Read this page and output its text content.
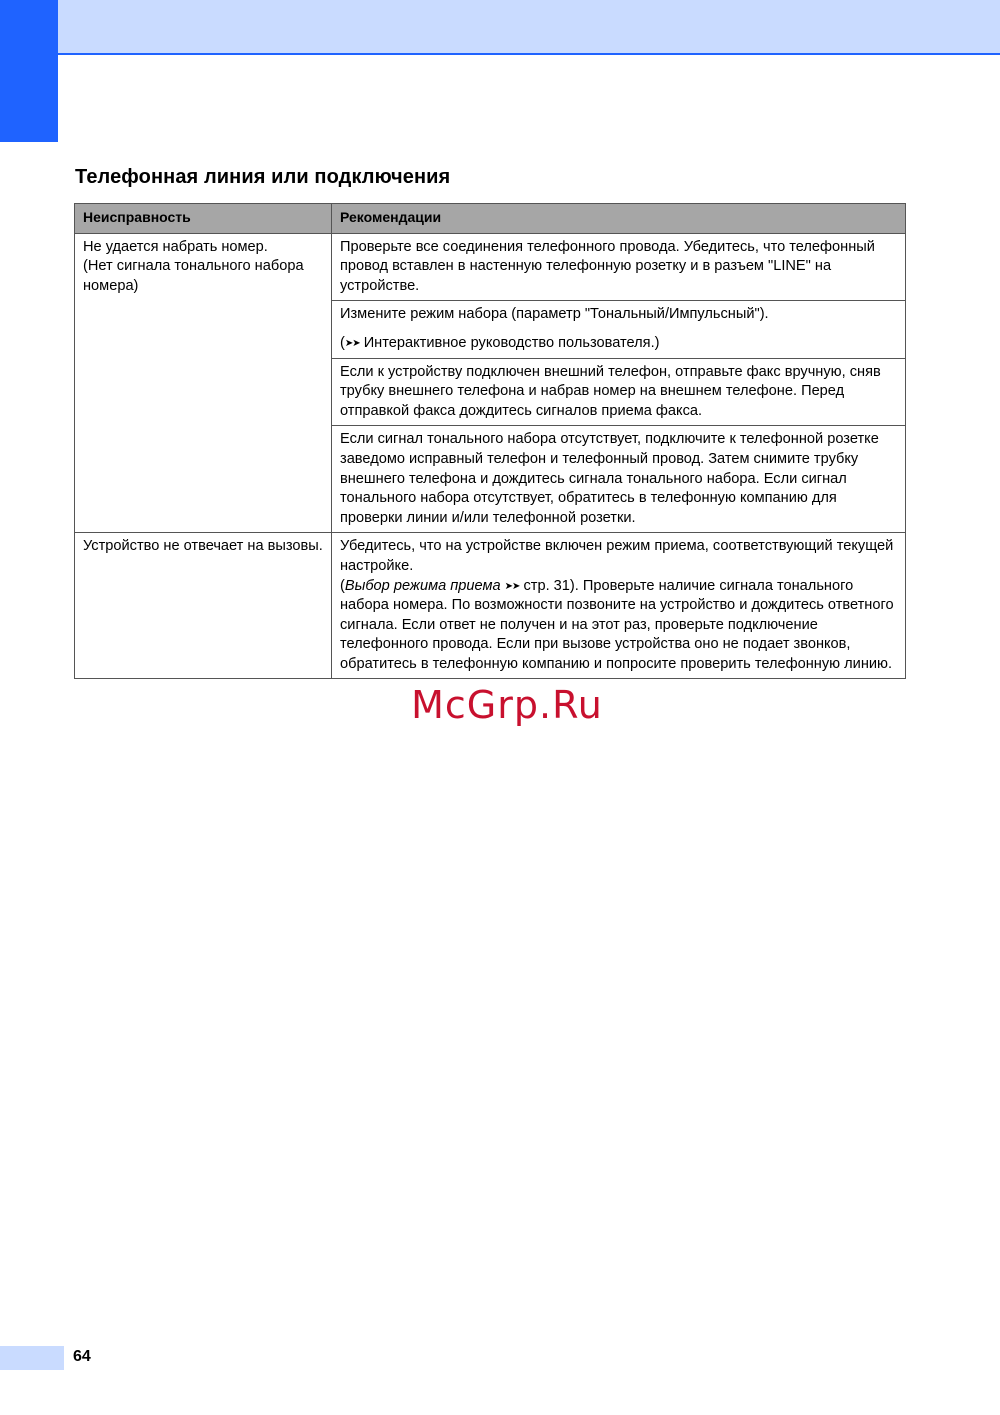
Телефонная линия или подключения
Неисправность	Рекомендации

Не удается набрать номер.
(Нет сигнала тонального набора номера)	Проверьте все соединения телефонного провода. Убедитесь, что телефонный провод вставлен в настенную телефонную розетку и в разъем "LINE" на устройстве.

	Измените режим набора (параметр "Тональный/Импульсный").
(➤➤ Интерактивное руководство пользователя.)

	Если к устройству подключен внешний телефон, отправьте факс вручную, сняв трубку внешнего телефона и набрав номер на внешнем телефоне. Перед отправкой факса дождитесь сигналов приема факса.
	Если сигнал тонального набора отсутствует, подключите к телефонной розетке заведомо исправный телефон и телефонный провод. Затем снимите трубку внешнего телефона и дождитесь сигнала тонального набора. Если сигнал тонального набора отсутствует, обратитесь в телефонную компанию для проверки линии и/или телефонной розетки.
Устройство не отвечает на вызовы.	Убедитесь, что на устройстве включен режим приема, соответствующий текущей настройке.
(Выбор режима приема ➤➤ стр. 31). Проверьте наличие сигнала тонального набора номера. По возможности позвоните на устройство и дождитесь ответного сигнала. Если ответ не получен и на этот раз, проверьте подключение телефонного провода. Если при вызове устройства оно не подает звонков, обратитесь в телефонную компанию и попросите проверить телефонную линию.
McGrp.Ru
64
